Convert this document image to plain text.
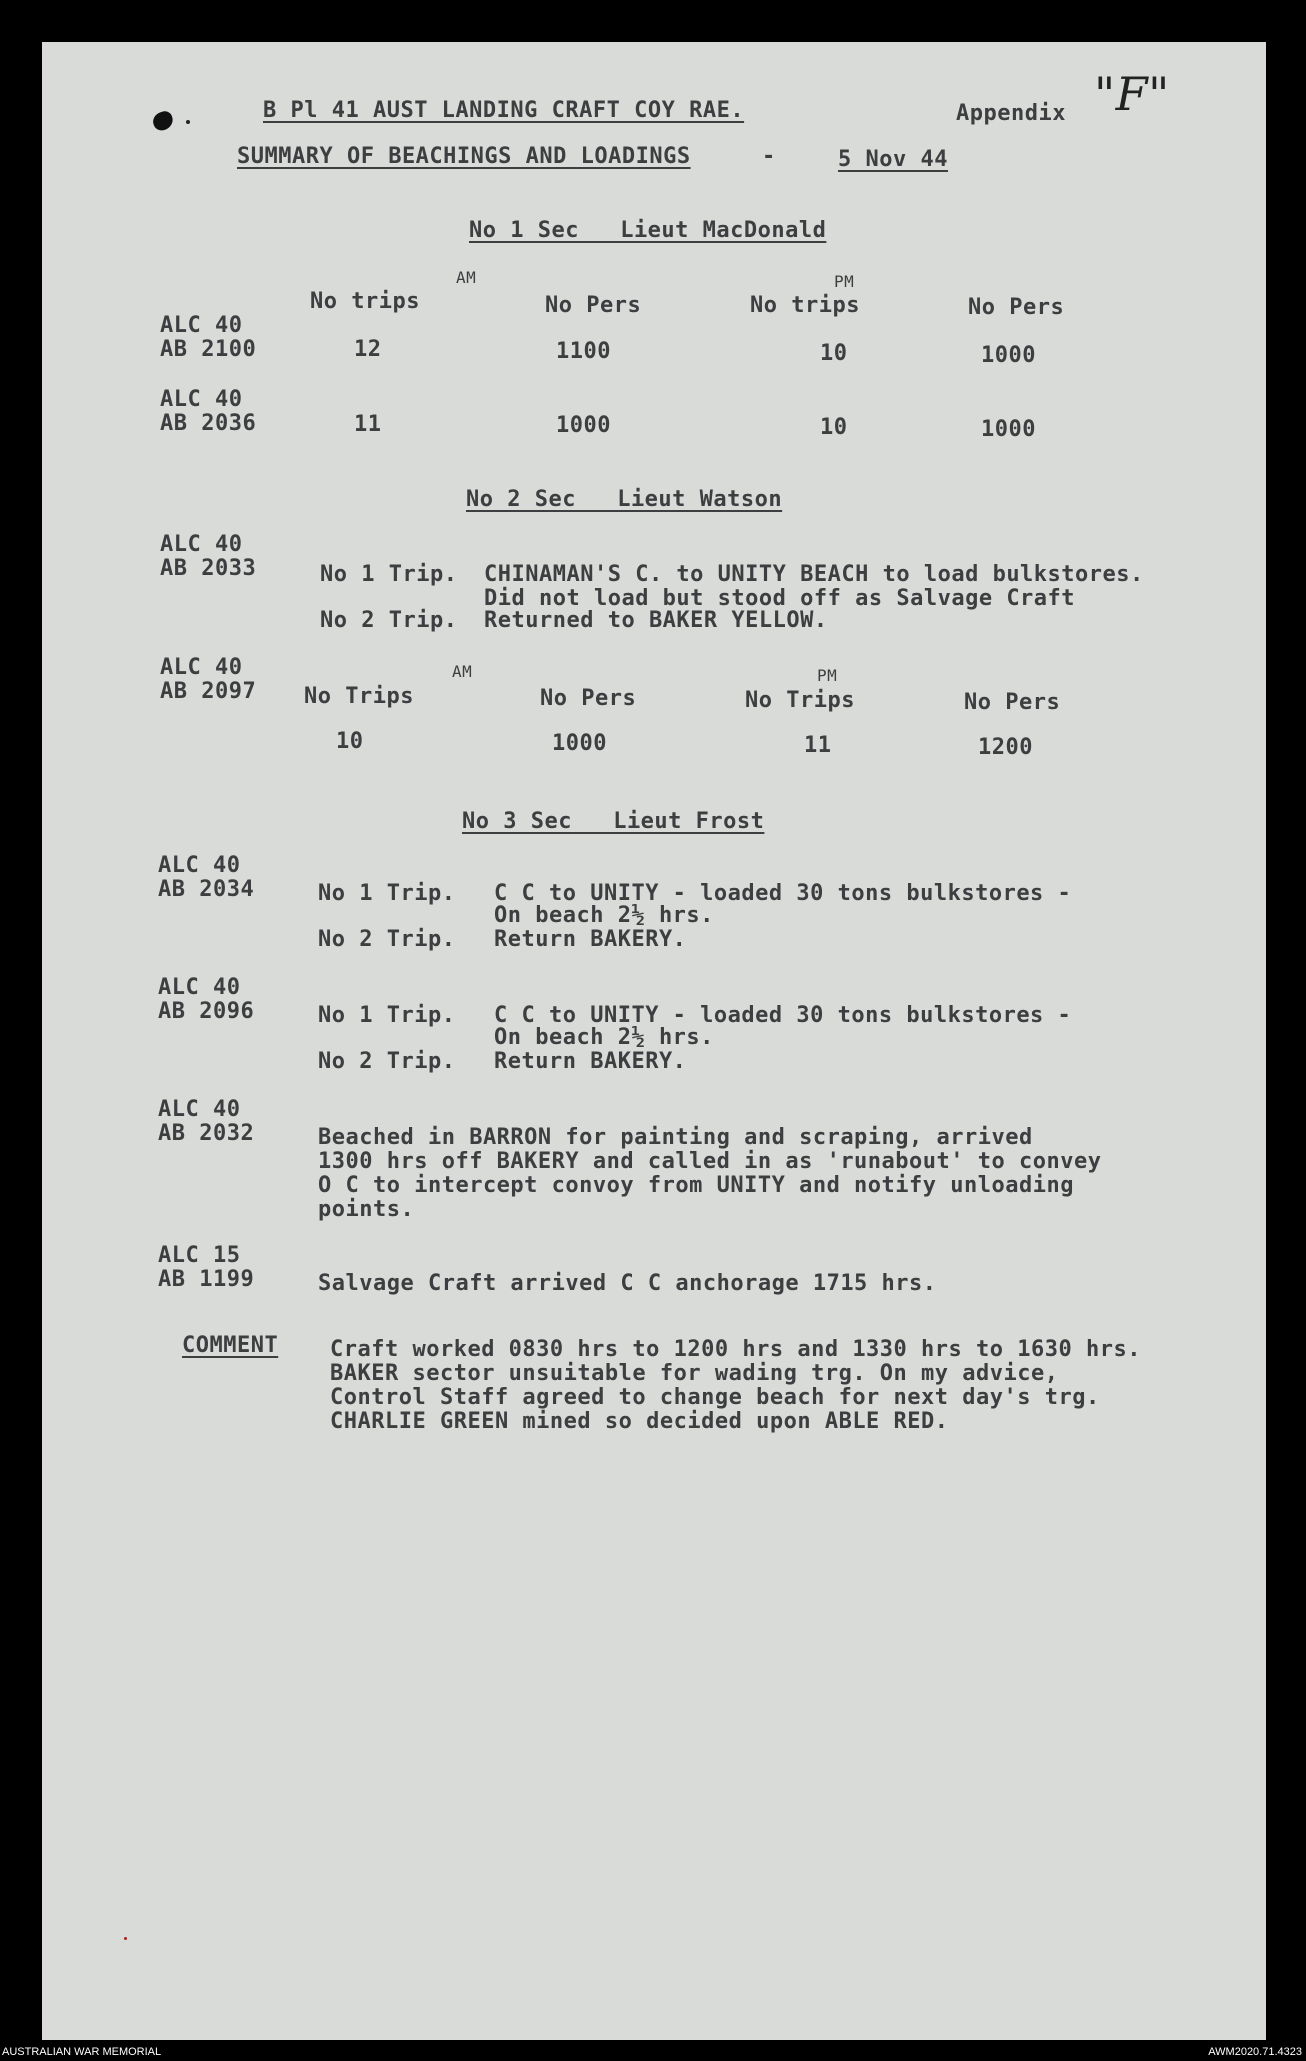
B Pl 41 AUST LANDING CRAFT COY RAE.	Appendix "F"
SUMMARY OF BEACHINGS AND LOADINGS	-	5 Nov 44
No 1 Sec   Lieut MacDonald
AM	PM
No trips	No Pers	No trips	No Pers
ALC 40
AB 2100	12	1100	10	1000
ALC 40
AB 2036	11	1000	10	1000
No 2 Sec   Lieut Watson
ALC 40
AB 2033	No 1 Trip. CHINAMAN'S C. to UNITY BEACH to load bulkstores.
Did not load but stood off as Salvage Craft
No 2 Trip. Returned to BAKER YELLOW.
ALC 40
AB 2097
AM	PM
No Trips	No Pers	No Trips	No Pers
10	1000	11	1200
No 3 Sec   Lieut Frost
ALC 40
AB 2034	No 1 Trip. C C to UNITY - loaded 30 tons bulkstores -
On beach 2½ hrs.
No 2 Trip. Return BAKERY.
ALC 40
AB 2096	No 1 Trip. C C to UNITY - loaded 30 tons bulkstores -
On beach 2½ hrs.
No 2 Trip. Return BAKERY.
ALC 40
AB 2032	Beached in BARRON for painting and scraping, arrived
1300 hrs off BAKERY and called in as 'runabout' to convey
O C to intercept convoy from UNITY and notify unloading
points.
ALC 15
AB 1199	Salvage Craft arrived C C anchorage 1715 hrs.
COMMENT Craft worked 0830 hrs to 1200 hrs and 1330 hrs to 1630 hrs.
BAKER sector unsuitable for wading trg. On my advice,
Control Staff agreed to change beach for next day's trg.
CHARLIE GREEN mined so decided upon ABLE RED.
AUSTRALIAN WAR MEMORIAL	AWM2020.71.4323
